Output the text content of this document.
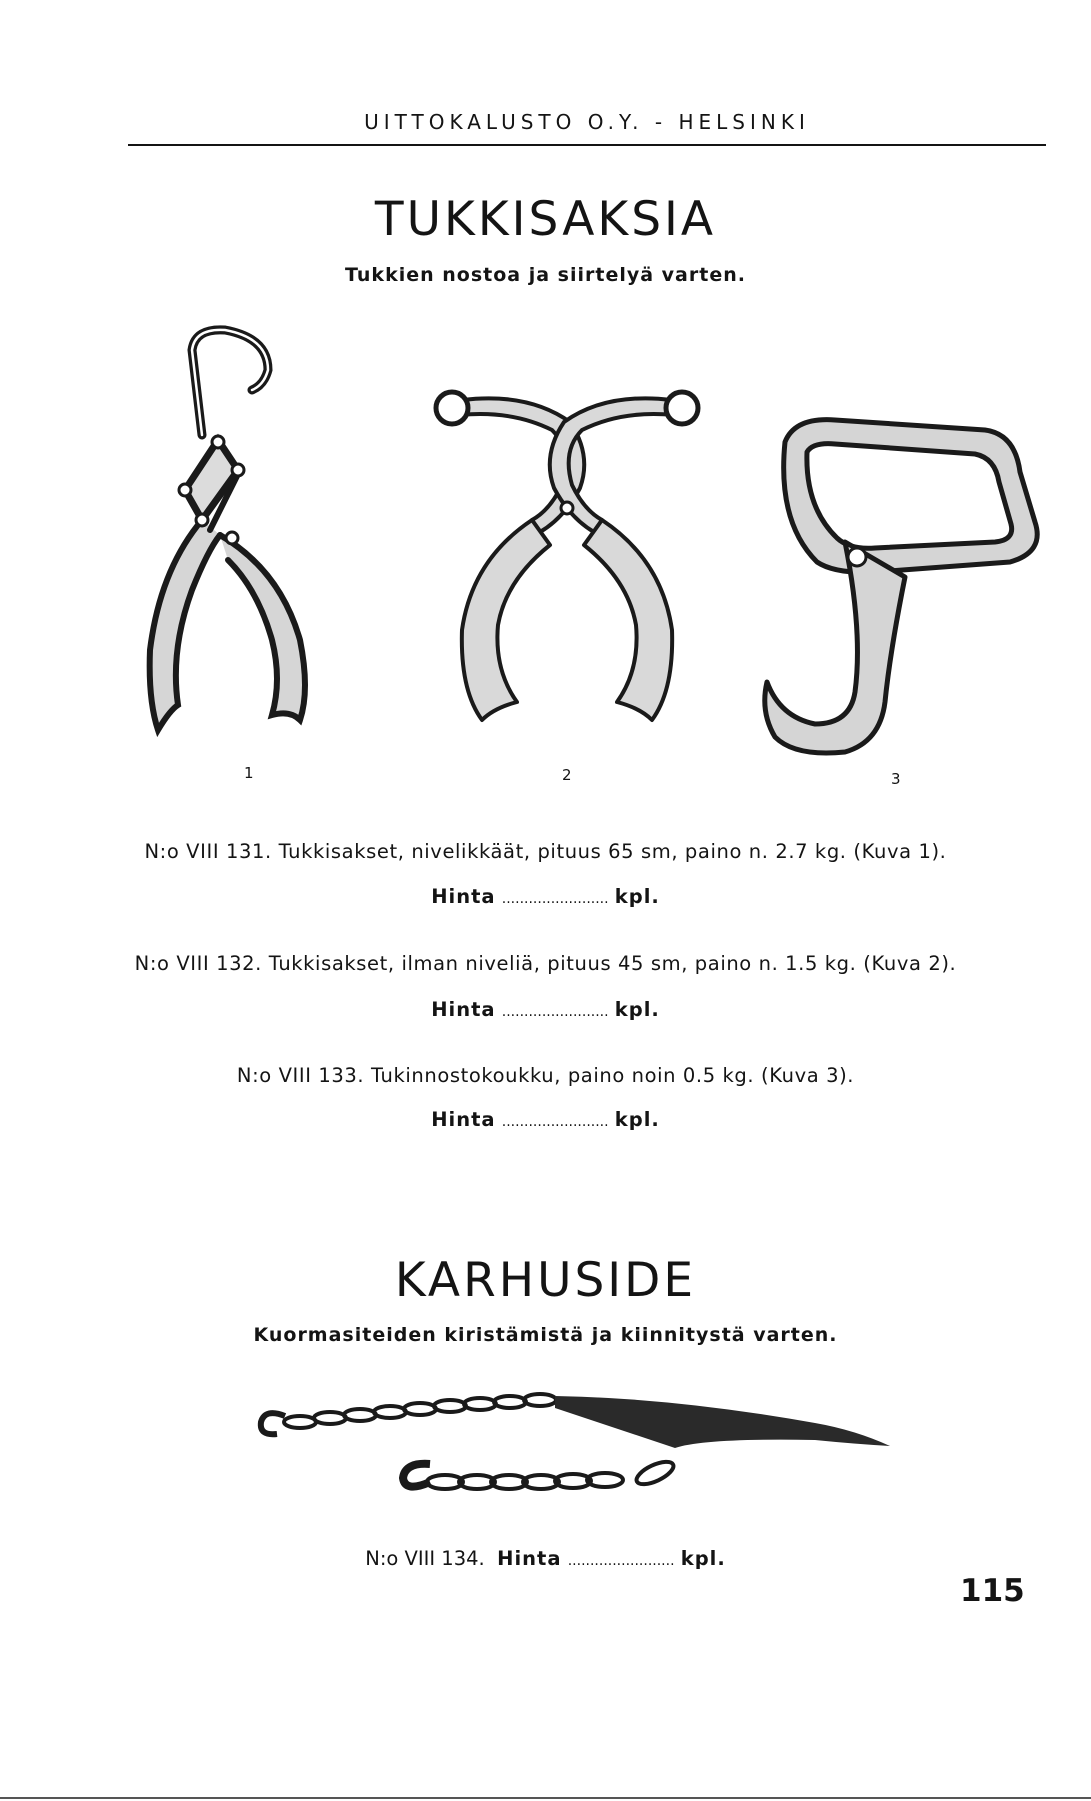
UITTOKALUSTO O.Y. - HELSINKI
TUKKISAKSIA
Tukkien nostoa ja siirtelyä varten.
1	2	3
N:o VIII 131. Tukkisakset, nivelikkäät, pituus 65 sm, paino n. 2.7 kg. (Kuva 1).
Hinta ........................ kpl.
N:o VIII 132. Tukkisakset, ilman niveliä, pituus 45 sm, paino n. 1.5 kg. (Kuva 2).
Hinta ........................ kpl.
N:o VIII 133. Tukinnostokoukku, paino noin 0.5 kg. (Kuva 3).
Hinta ........................ kpl.
KARHUSIDE
Kuormasiteiden kiristämistä ja kiinnitystä varten.
N:o VIII 134. Hinta ........................ kpl.
115
